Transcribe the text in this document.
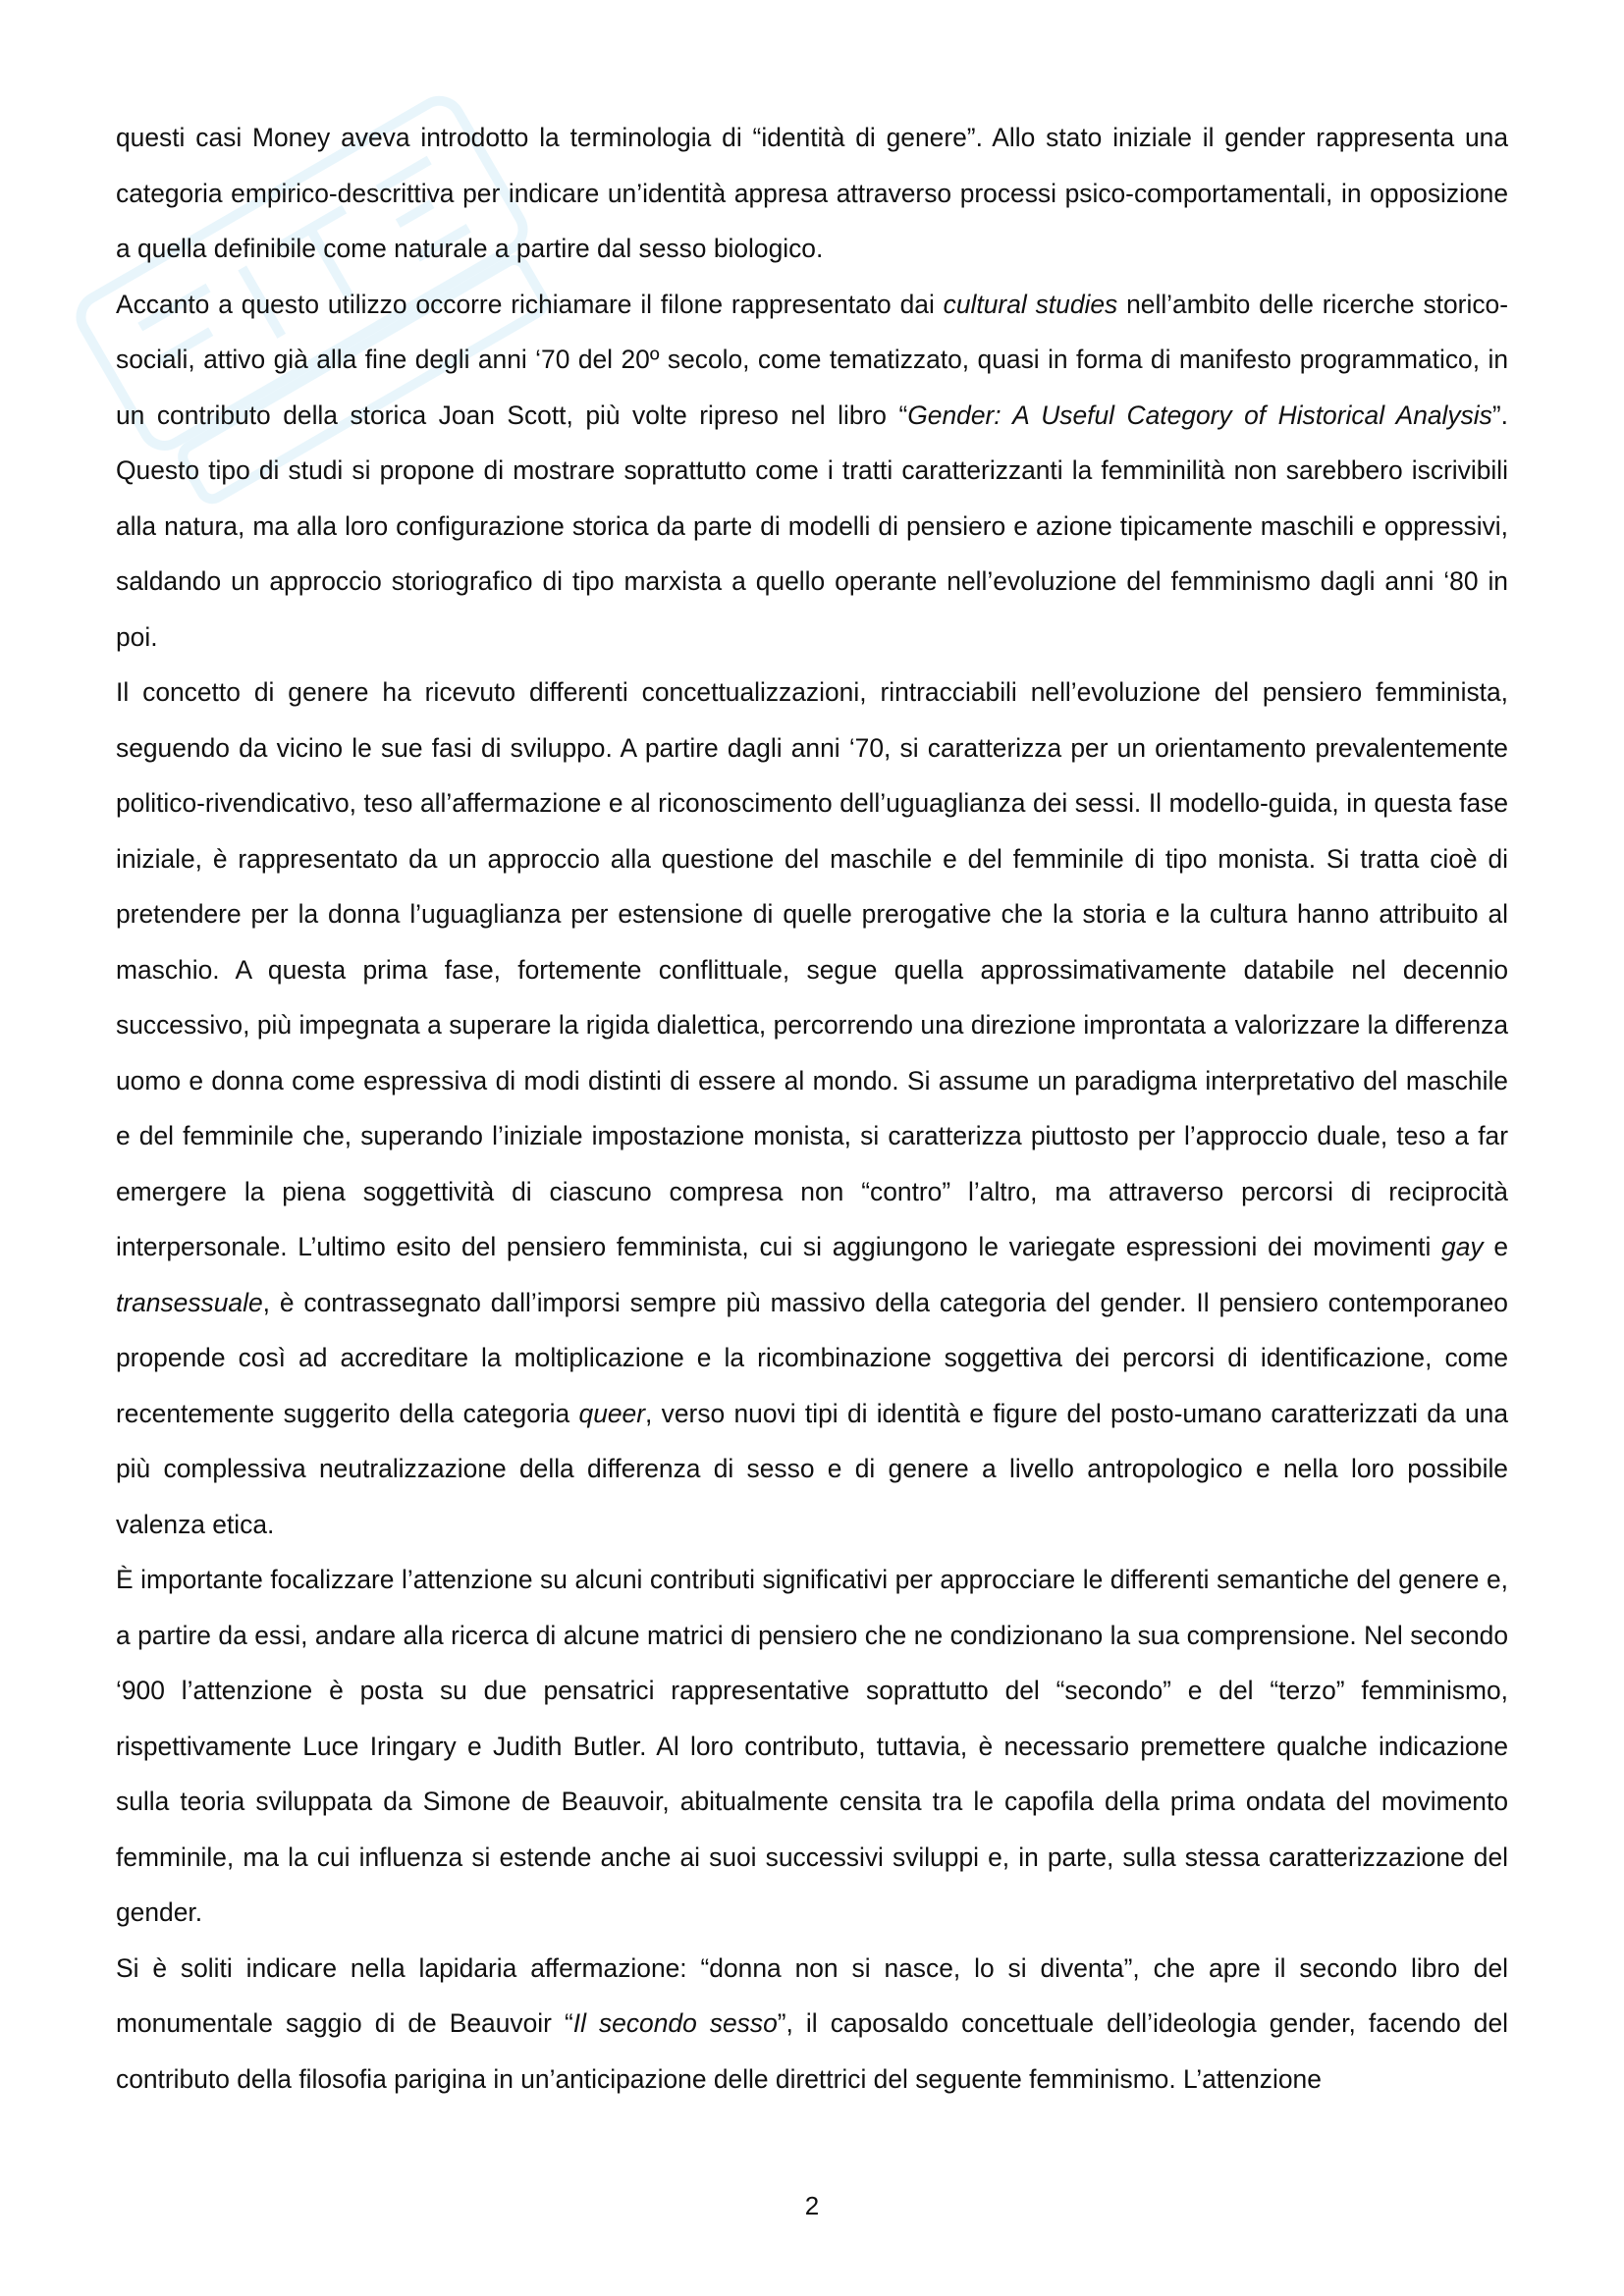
questi casi Money aveva introdotto la terminologia di “identità di genere”. Allo stato iniziale il gender rappresenta una categoria empirico-descrittiva per indicare un’identità appresa attraverso processi psico-comportamentali, in opposizione a quella definibile come naturale a partire dal sesso biologico.

Accanto a questo utilizzo occorre richiamare il filone rappresentato dai cultural studies nell’ambito delle ricerche storico-sociali, attivo già alla fine degli anni ‘70 del 20º secolo, come tematizzato, quasi in forma di manifesto programmatico, in un contributo della storica Joan Scott, più volte ripreso nel libro “Gender: A Useful Category of Historical Analysis”. Questo tipo di studi si propone di mostrare soprattutto come i tratti caratterizzanti la femminilità non sarebbero iscrivibili alla natura, ma alla loro configurazione storica da parte di modelli di pensiero e azione tipicamente maschili e oppressivi, saldando un approccio storiografico di tipo marxista a quello operante nell’evoluzione del femminismo dagli anni ‘80 in poi.

Il concetto di genere ha ricevuto differenti concettualizzazioni, rintracciabili nell’evoluzione del pensiero femminista, seguendo da vicino le sue fasi di sviluppo. A partire dagli anni ‘70, si caratterizza per un orientamento prevalentemente politico-rivendicativo, teso all’affermazione e al riconoscimento dell’uguaglianza dei sessi. Il modello-guida, in questa fase iniziale, è rappresentato da un approccio alla questione del maschile e del femminile di tipo monista. Si tratta cioè di pretendere per la donna l’uguaglianza per estensione di quelle prerogative che la storia e la cultura hanno attribuito al maschio. A questa prima fase, fortemente conflittuale, segue quella approssimativamente databile nel decennio successivo, più impegnata a superare la rigida dialettica, percorrendo una direzione improntata a valorizzare la differenza uomo e donna come espressiva di modi distinti di essere al mondo. Si assume un paradigma interpretativo del maschile e del femminile che, superando l’iniziale impostazione monista, si caratterizza piuttosto per l’approccio duale, teso a far emergere la piena soggettività di ciascuno compresa non “contro” l’altro, ma attraverso percorsi di reciprocità interpersonale. L’ultimo esito del pensiero femminista, cui si aggiungono le variegate espressioni dei movimenti gay e transessuale, è contrassegnato dall’imporsi sempre più massivo della categoria del gender. Il pensiero contemporaneo propende così ad accreditare la moltiplicazione e la ricombinazione soggettiva dei percorsi di identificazione, come recentemente suggerito della categoria queer, verso nuovi tipi di identità e figure del posto-umano caratterizzati da una più complessiva neutralizzazione della differenza di sesso e di genere a livello antropologico e nella loro possibile valenza etica.

È importante focalizzare l’attenzione su alcuni contributi significativi per approcciare le differenti semantiche del genere e, a partire da essi, andare alla ricerca di alcune matrici di pensiero che ne condizionano la sua comprensione. Nel secondo ‘900 l’attenzione è posta su due pensatrici rappresentative soprattutto del “secondo” e del “terzo” femminismo, rispettivamente Luce Iringary e Judith Butler. Al loro contributo, tuttavia, è necessario premettere qualche indicazione sulla teoria sviluppata da Simone de Beauvoir, abitualmente censita tra le capofila della prima ondata del movimento femminile, ma la cui influenza si estende anche ai suoi successivi sviluppi e, in parte, sulla stessa caratterizzazione del gender.

Si è soliti indicare nella lapidaria affermazione: “donna non si nasce, lo si diventa”, che apre il secondo libro del monumentale saggio di de Beauvoir “Il secondo sesso”, il caposaldo concettuale dell’ideologia gender, facendo del contributo della filosofia parigina in un’anticipazione delle direttrici del seguente femminismo. L’attenzione

2
